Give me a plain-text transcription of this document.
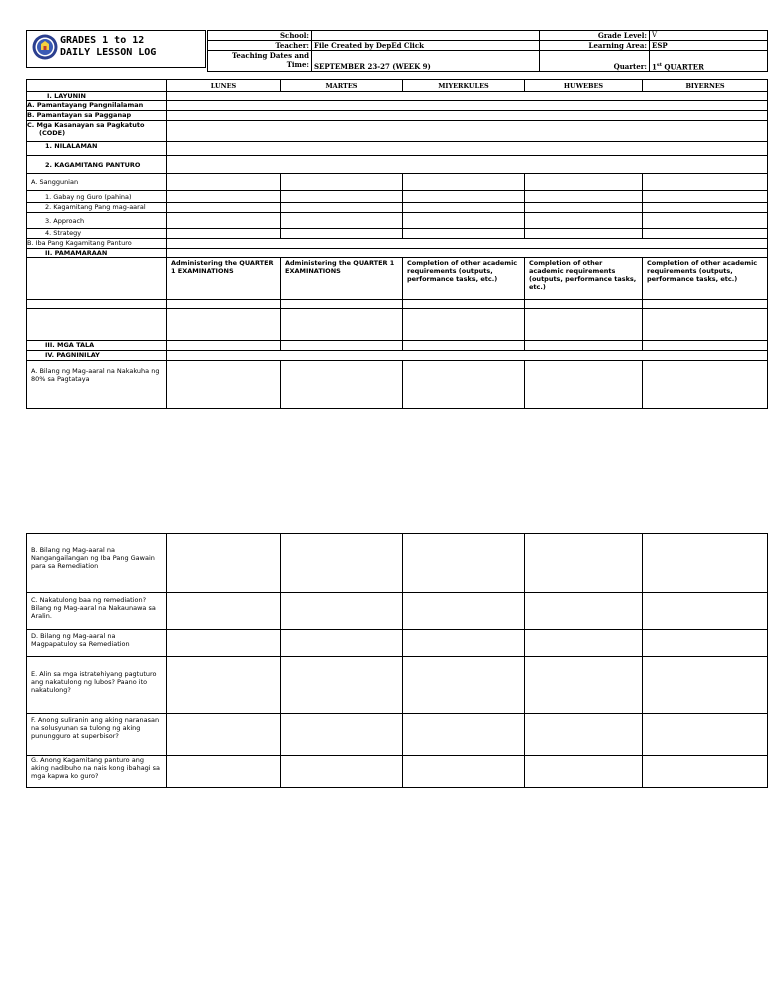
GRADES 1 to 12
DAILY LESSON LOG
School:		Grade Level:	V
Teacher:	File Created by DepEd Click	Learning Area:	ESP

Teaching Dates and
Time:	SEPTEMBER 23-27 (WEEK 9)	Quarter:	1st QUARTER
	LUNES	MARTES	MIYERKULES	HUWEBES	BIYERNES
I. LAYUNIN					
A. Pamantayang Pangnilalaman					
B. Pamantayan sa Pagganap					

C. Mga Kasanayan sa Pagkatuto
(CODE)					

1. NILALAMAN					
2. KAGAMITANG PANTURO					
A. Sanggunian					
1. Gabay ng Guro (pahina)					
2. Kagamitang Pang mag-aaral					
3. Approach					
4. Strategy					
B. Iba Pang Kagamitang Panturo					
II. PAMAMARAAN					
	Administering the QUARTER 1 EXAMINATIONS	Administering the QUARTER 1 EXAMINATIONS	Completion of other academic requirements (outputs, performance tasks, etc.)	Completion of other academic requirements (outputs, performance tasks, etc.)	Completion of other academic requirements (outputs, performance tasks, etc.)

III. MGA TALA					
IV. PAGNINILAY					
A. Bilang ng Mag-aaral na Nakakuha ng 80% sa Pagtataya					
B. Bilang ng Mag-aaral na Nangangailangan ng Iba Pang Gawain para sa Remediation					
C. Nakatulong baa ng remediation? Bilang ng Mag-aaral na Nakaunawa sa Aralin.					
D. Bilang ng Mag-aaral na Magpapatuloy sa Remediation					
E. Alin sa mga istratehiyang pagtuturo ang nakatulong ng lubos? Paano ito nakatulong?					
F. Anong suliranin ang aking naranasan na solusyunan sa tulong ng aking punungguro at superbisor?					
G. Anong Kagamitang panturo ang aking nadibuho na nais kong ibahagi sa mga kapwa ko guro?					
